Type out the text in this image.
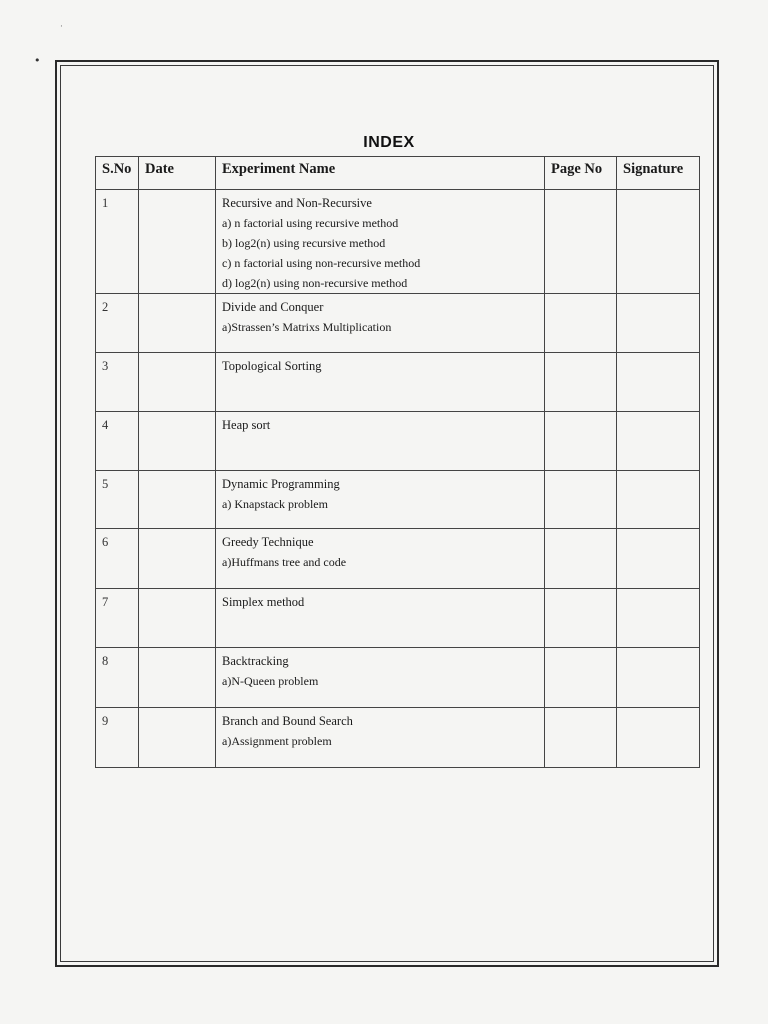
·
•
INDEX
S.No	Date	Experiment Name	Page No	Signature
1		Recursive and Non-Recursive
a) n factorial using recursive method
b) log2(n) using recursive method
c) n factorial using non-recursive method
d) log2(n) using non-recursive method		

2		Divide and Conquer
a)Strassen’s Matrixs Multiplication		

3		Topological Sorting		

4		Heap sort		

5		Dynamic Programming
a) Knapstack problem		

6		Greedy Technique
a)Huffmans tree and code		

7		Simplex method		

8		Backtracking
a)N-Queen problem		

9		Branch and Bound Search
a)Assignment problem		
